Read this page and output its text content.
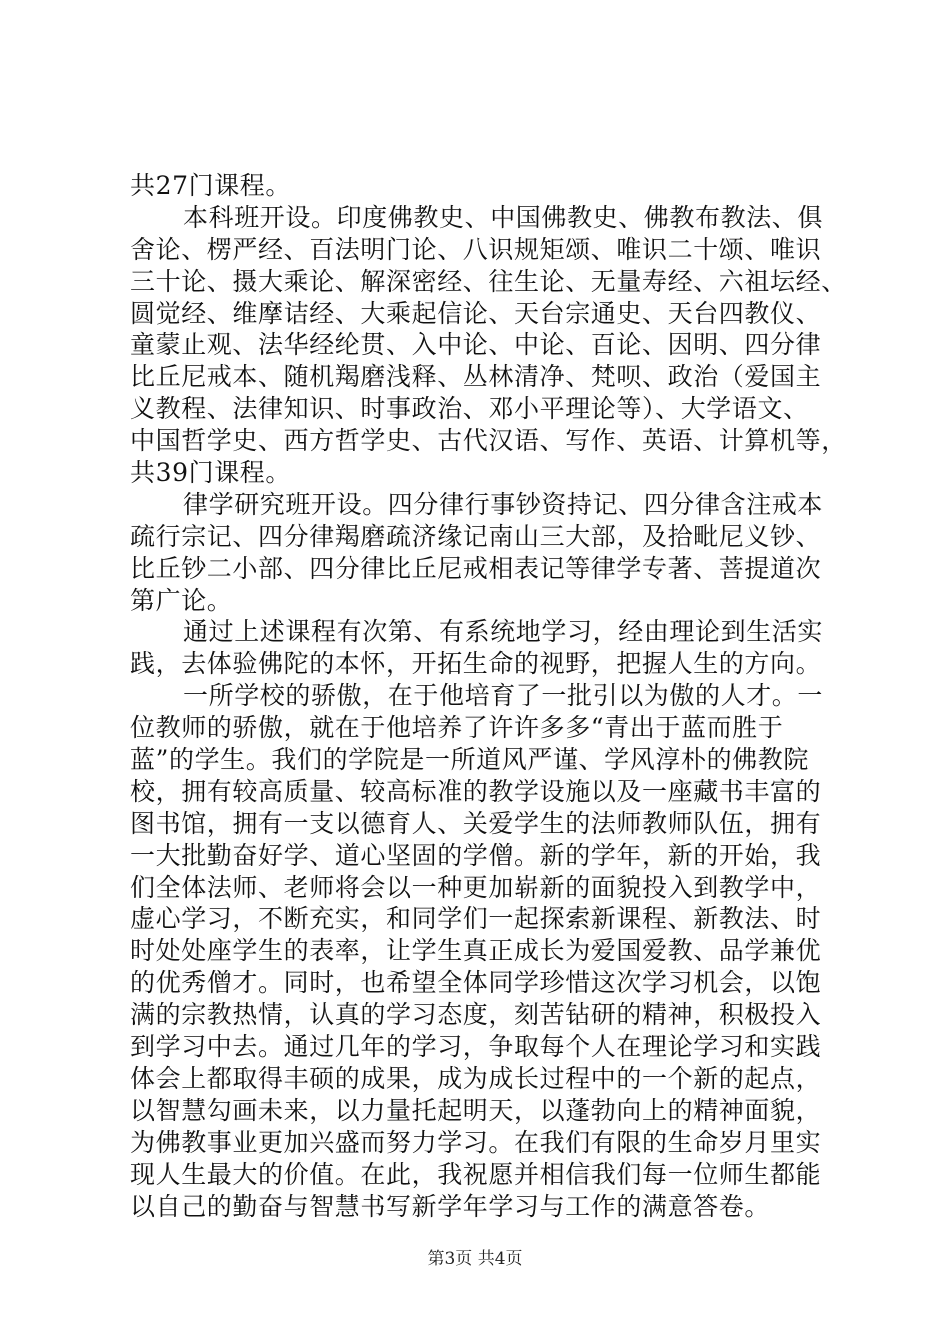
共27门课程。
本科班开设。印度佛教史、中国佛教史、佛教布教法、俱
舍论、楞严经、百法明门论、八识规矩颂、唯识二十颂、唯识
三十论、摄大乘论、解深密经、往生论、无量寿经、六祖坛经、
圆觉经、维摩诘经、大乘起信论、天台宗通史、天台四教仪、
童蒙止观、法华经纶贯、入中论、中论、百论、因明、四分律
比丘尼戒本、随机羯磨浅释、丛林清净、梵呗、政治（爱国主
义教程、法律知识、时事政治、邓小平理论等）、大学语文、
中国哲学史、西方哲学史、古代汉语、写作、英语、计算机等，
共39门课程。
律学研究班开设。四分律行事钞资持记、四分律含注戒本
疏行宗记、四分律羯磨疏济缘记南山三大部，及拾毗尼义钞、
比丘钞二小部、四分律比丘尼戒相表记等律学专著、菩提道次
第广论。
通过上述课程有次第、有系统地学习，经由理论到生活实
践，去体验佛陀的本怀，开拓生命的视野，把握人生的方向。
一所学校的骄傲，在于他培育了一批引以为傲的人才。一
位教师的骄傲，就在于他培养了许许多多“青出于蓝而胜于
蓝”的学生。我们的学院是一所道风严谨、学风淳朴的佛教院
校，拥有较高质量、较高标准的教学设施以及一座藏书丰富的
图书馆，拥有一支以德育人、关爱学生的法师教师队伍，拥有
一大批勤奋好学、道心坚固的学僧。新的学年，新的开始，我
们全体法师、老师将会以一种更加崭新的面貌投入到教学中，
虚心学习，不断充实，和同学们一起探索新课程、新教法、时
时处处座学生的表率，让学生真正成长为爱国爱教、品学兼优
的优秀僧才。同时，也希望全体同学珍惜这次学习机会，以饱
满的宗教热情，认真的学习态度，刻苦钻研的精神，积极投入
到学习中去。通过几年的学习，争取每个人在理论学习和实践
体会上都取得丰硕的成果，成为成长过程中的一个新的起点，
以智慧勾画未来，以力量托起明天，以蓬勃向上的精神面貌，
为佛教事业更加兴盛而努力学习。在我们有限的生命岁月里实
现人生最大的价值。在此，我祝愿并相信我们每一位师生都能
以自己的勤奋与智慧书写新学年学习与工作的满意答卷。
第3页 共4页
